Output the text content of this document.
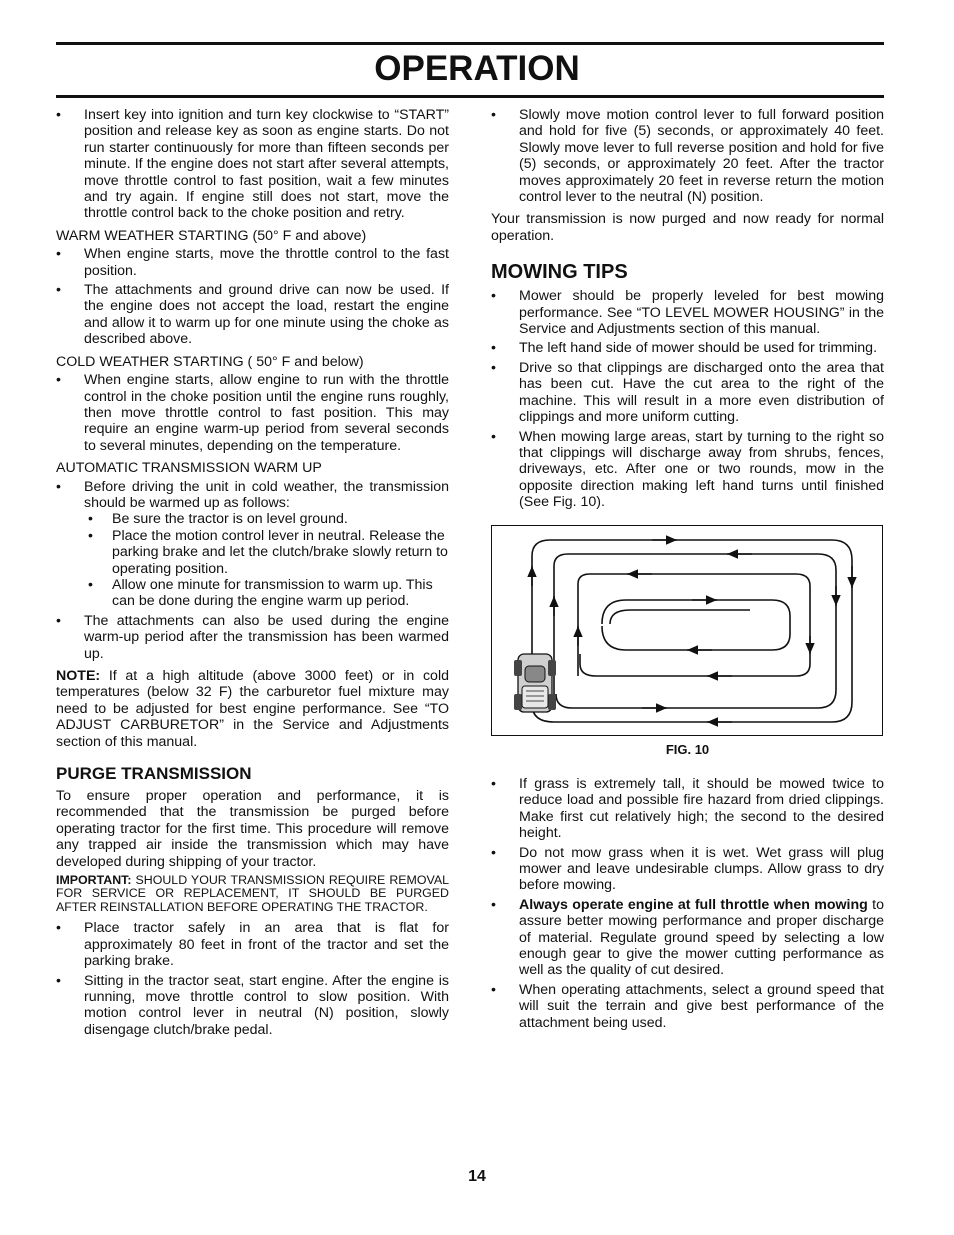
OPERATION
• Insert key into ignition and turn key clockwise to “START” position and release key as soon as engine starts. Do not run starter continuously for more than fifteen seconds per minute. If the engine does not start after several attempts, move throttle control to fast position, wait a few minutes and try again. If engine still does not start, move the throttle control back to the choke position and retry.

WARM WEATHER STARTING (50° F and above)

• When engine starts, move the throttle control to the fast position.
• The attachments and ground drive can now be used. If the engine does not accept the load, restart the engine and allow it to warm up for one minute using the choke as described above.

COLD WEATHER STARTING ( 50° F and below)

• When engine starts, allow engine to run with the throttle control in the choke position until the engine runs roughly, then move throttle control to fast position. This may require an engine warm-up period from several seconds to several minutes, depending on the temperature.

AUTOMATIC TRANSMISSION WARM UP

• Before driving the unit in cold weather, the transmission should be warmed up as follows:
• Be sure the tractor is on level ground.
• Place the motion control lever in neutral. Release the parking brake and let the clutch/brake slowly return to operating position.
• Allow one minute for transmission to warm up. This can be done during the engine warm up period.
• The attachments can also be used during the engine warm-up period after the transmission has been warmed up.

NOTE: If at a high altitude (above 3000 feet) or in cold temperatures (below 32 F) the carburetor fuel mixture may need to be adjusted for best engine performance. See “TO ADJUST CARBURETOR” in the Service and Adjustments section of this manual.

PURGE TRANSMISSION

To ensure proper operation and performance, it is recommended that the transmission be purged before operating tractor for the first time. This procedure will remove any trapped air inside the transmission which may have developed during shipping of your tractor.

IMPORTANT: SHOULD YOUR TRANSMISSION REQUIRE REMOVAL FOR SERVICE OR REPLACEMENT, IT SHOULD BE PURGED AFTER REINSTALLATION BEFORE OPERATING THE TRACTOR.
• Place tractor safely in an area that is flat for approximately 80 feet in front of the tractor and set the parking brake.
• Sitting in the tractor seat, start engine. After the engine is running, move throttle control to slow position. With motion control lever in neutral (N) position, slowly disengage clutch/brake pedal.
• Slowly move motion control lever to full forward position and hold for five (5) seconds, or approximately 40 feet. Slowly move lever to full reverse position and hold for five (5) seconds, or approximately 20 feet. After the tractor moves approximately 20 feet in reverse return the motion control lever to the neutral (N) position.

Your transmission is now purged and now ready for normal operation.

MOWING TIPS
• Mower should be properly leveled for best mowing performance. See “TO LEVEL MOWER HOUSING” in the Service and Adjustments section of this manual.
• The left hand side of mower should be used for trimming.
• Drive so that clippings are discharged onto the area that has been cut. Have the cut area to the right of the machine. This will result in a more even distribution of clippings and more uniform cutting.
• When mowing large areas, start by turning to the right so that clippings will discharge away from shrubs, fences, driveways, etc. After one or two rounds, mow in the opposite direction making left hand turns until finished (See Fig. 10).
FIG. 10
• If grass is extremely tall, it should be mowed twice to reduce load and possible fire hazard from dried clippings. Make first cut relatively high; the second to the desired height.
• Do not mow grass when it is wet. Wet grass will plug mower and leave undesirable clumps. Allow grass to dry before mowing.
• Always operate engine at full throttle when mowing to assure better mowing performance and proper discharge of material. Regulate ground speed by selecting a low enough gear to give the mower cutting performance as well as the quality of cut desired.
• When operating attachments, select a ground speed that will suit the terrain and give best performance of the attachment being used.
14
